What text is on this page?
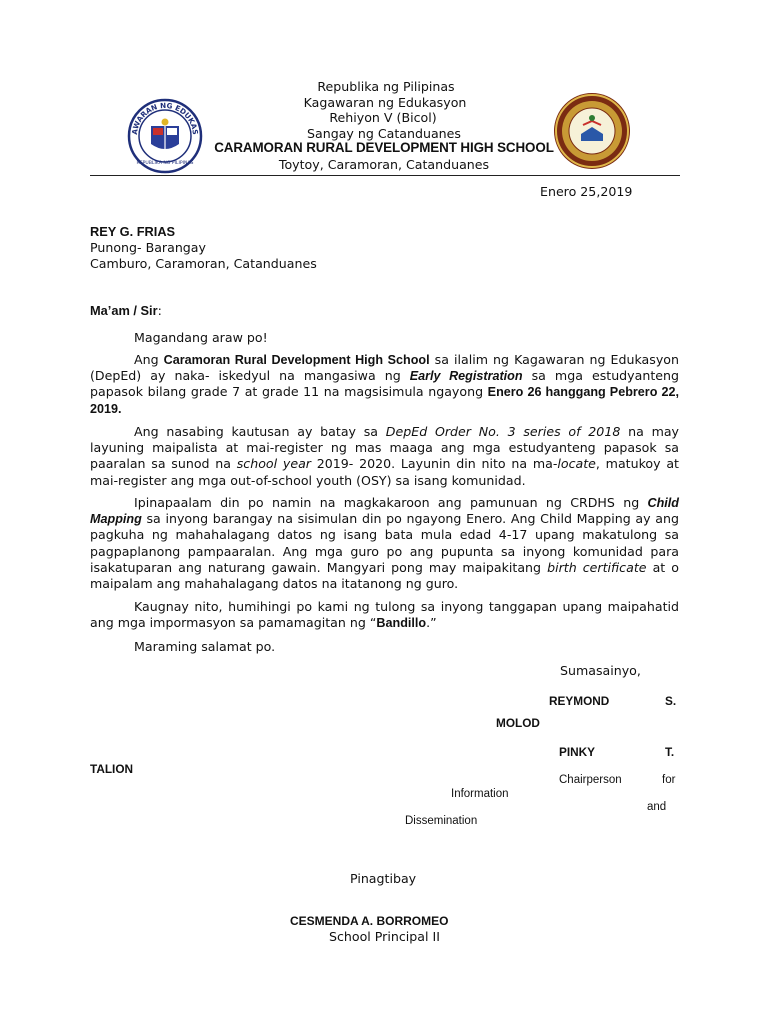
AWARAN NG EDUKAS
REPUBLIKA NG PILIPINAS
Republika ng Pilipinas
Kagawaran ng Edukasyon
Rehiyon V (Bicol)
Sangay ng Catanduanes
CARAMORAN RURAL DEVELOPMENT HIGH SCHOOL
Toytoy, Caramoran, Catanduanes
Enero 25,2019
REY G. FRIAS
Punong- Barangay
Camburo, Caramoran, Catanduanes
Ma’am / Sir:
Magandang araw po!
Ang Caramoran Rural Development High School sa ilalim ng Kagawaran ng Edukasyon (DepEd) ay naka- iskedyul na mangasiwa ng Early Registration sa mga estudyanteng papasok bilang grade 7 at grade 11 na magsisimula ngayong Enero 26 hanggang Pebrero 22, 2019.
Ang nasabing kautusan ay batay sa DepEd Order No. 3 series of 2018 na may layuning maipalista at mai-register ng mas maaga ang mga estudyanteng papasok sa paaralan sa sunod na school year 2019- 2020. Layunin din nito na ma-locate, matukoy at mai-register ang mga out-of-school youth (OSY) sa isang komunidad.
Ipinapaalam din po namin na magkakaroon ang pamunuan ng CRDHS ng Child Mapping sa inyong barangay na sisimulan din po ngayong Enero. Ang Child Mapping ay ang pagkuha ng mahahalagang datos ng isang bata mula edad 4-17 upang makatulong sa pagpaplanong pampaaralan. Ang mga guro po ang pupunta sa inyong komunidad para isakatuparan ang naturang gawain. Mangyari pong may maipakitang birth certificate at o maipalam ang mahahalagang datos na itatanong ng guro.
Kaugnay nito, humihingi po kami ng tulong sa inyong tanggapan upang maipahatid ang mga impormasyon sa pamamagitan ng “Bandillo.”
Maraming salamat po.
Sumasainyo,
REYMOND	S.
MOLOD
PINKY	T.
TALION
Chairperson	for
Information
and
Dissemination
Pinagtibay
CESMENDA A. BORROMEO
School Principal II
